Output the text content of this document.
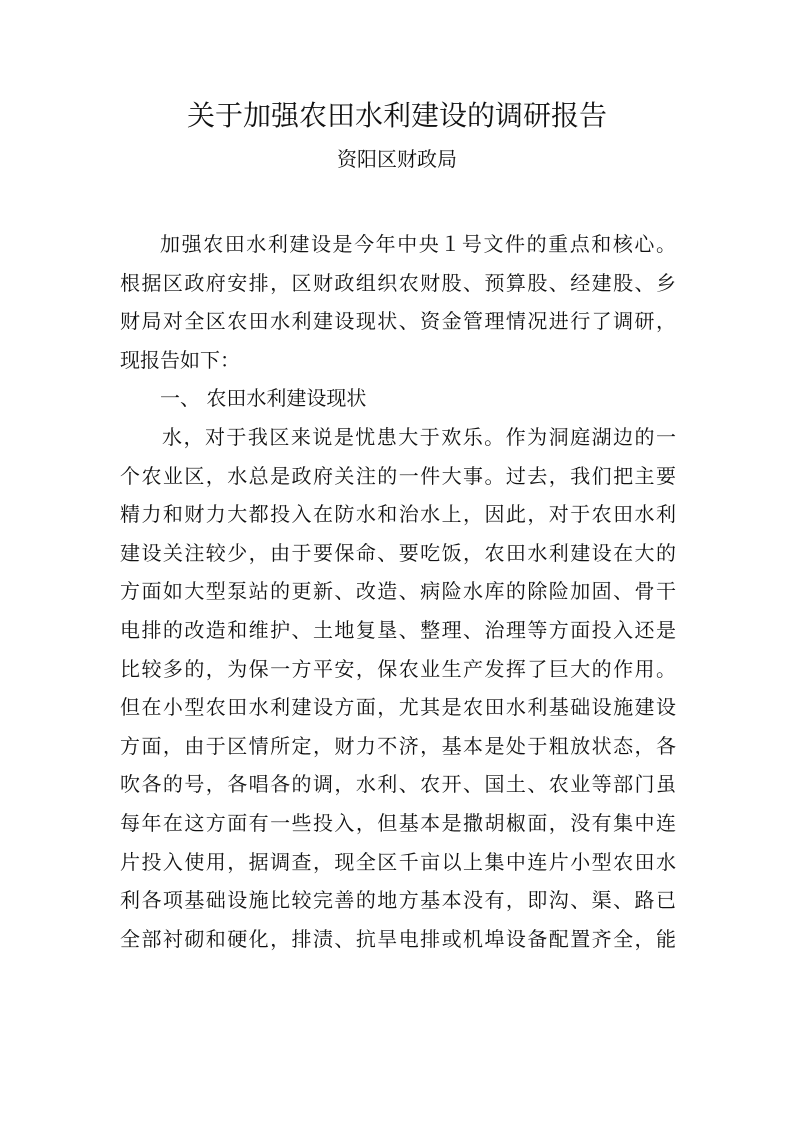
关于加强农田水利建设的调研报告
资阳区财政局
加强农田水利建设是今年中央１号文件的重点和核心。
根据区政府安排，区财政组织农财股、预算股、经建股、乡
财局对全区农田水利建设现状、资金管理情况进行了调研，
现报告如下：
一、 农田水利建设现状
水，对于我区来说是忧患大于欢乐。作为洞庭湖边的一
个农业区，水总是政府关注的一件大事。过去，我们把主要
精力和财力大都投入在防水和治水上，因此，对于农田水利
建设关注较少，由于要保命、要吃饭，农田水利建设在大的
方面如大型泵站的更新、改造、病险水库的除险加固、骨干
电排的改造和维护、土地复垦、整理、治理等方面投入还是
比较多的，为保一方平安，保农业生产发挥了巨大的作用。
但在小型农田水利建设方面，尤其是农田水利基础设施建设
方面，由于区情所定，财力不济，基本是处于粗放状态，各
吹各的号，各唱各的调，水利、农开、国土、农业等部门虽
每年在这方面有一些投入，但基本是撒胡椒面，没有集中连
片投入使用，据调查，现全区千亩以上集中连片小型农田水
利各项基础设施比较完善的地方基本没有，即沟、渠、路已
全部衬砌和硬化，排渍、抗旱电排或机埠设备配置齐全，能
